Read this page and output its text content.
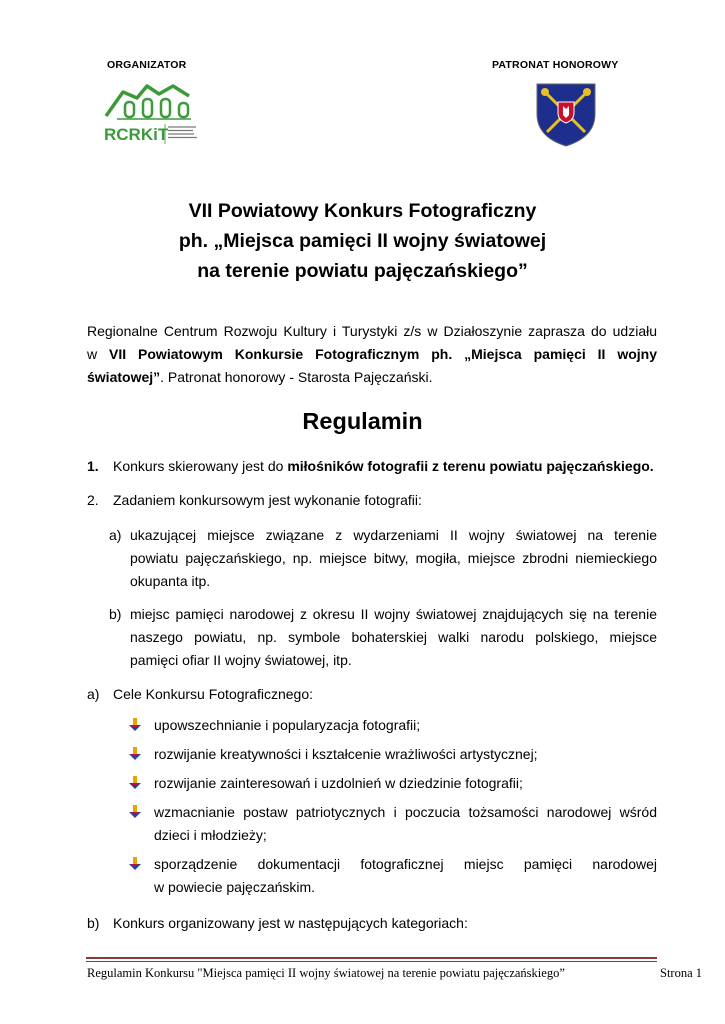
ORGANIZATOR	PATRONAT HONOROWY
RCRKiT
VII Powiatowy Konkurs Fotograficzny
ph. „Miejsca pamięci II wojny światowej
na terenie powiatu pajęczańskiego”
Regionalne Centrum Rozwoju Kultury i Turystyki z/s w Działoszynie zaprasza do udziału
w VII Powiatowym Konkursie Fotograficznym ph. „Miejsca pamięci II wojny
światowej”. Patronat honorowy - Starosta Pajęczański.
Regulamin
1. Konkurs skierowany jest do miłośników fotografii z terenu powiatu pajęczańskiego.
2. Zadaniem konkursowym jest wykonanie fotografii:
a) ukazującej miejsce związane z wydarzeniami II wojny światowej na terenie
powiatu pajęczańskiego, np. miejsce bitwy, mogiła, miejsce zbrodni niemieckiego
okupanta itp.
b) miejsc pamięci narodowej z okresu II wojny światowej znajdujących się na terenie
naszego powiatu, np. symbole bohaterskiej walki narodu polskiego, miejsce
pamięci ofiar II wojny światowej, itp.
a) Cele Konkursu Fotograficznego:
upowszechnianie i popularyzacja fotografii;
rozwijanie kreatywności i kształcenie wrażliwości artystycznej;
rozwijanie zainteresowań i uzdolnień w dziedzinie fotografii;
wzmacnianie postaw patriotycznych i poczucia tożsamości narodowej wśród
dzieci i młodzieży;
sporządzenie dokumentacji fotograficznej miejsc pamięci narodowej
w powiecie pajęczańskim.
b) Konkurs organizowany jest w następujących kategoriach:
Regulamin Konkursu "Miejsca pamięci II wojny światowej na terenie powiatu pajęczańskiego”	Strona 1
